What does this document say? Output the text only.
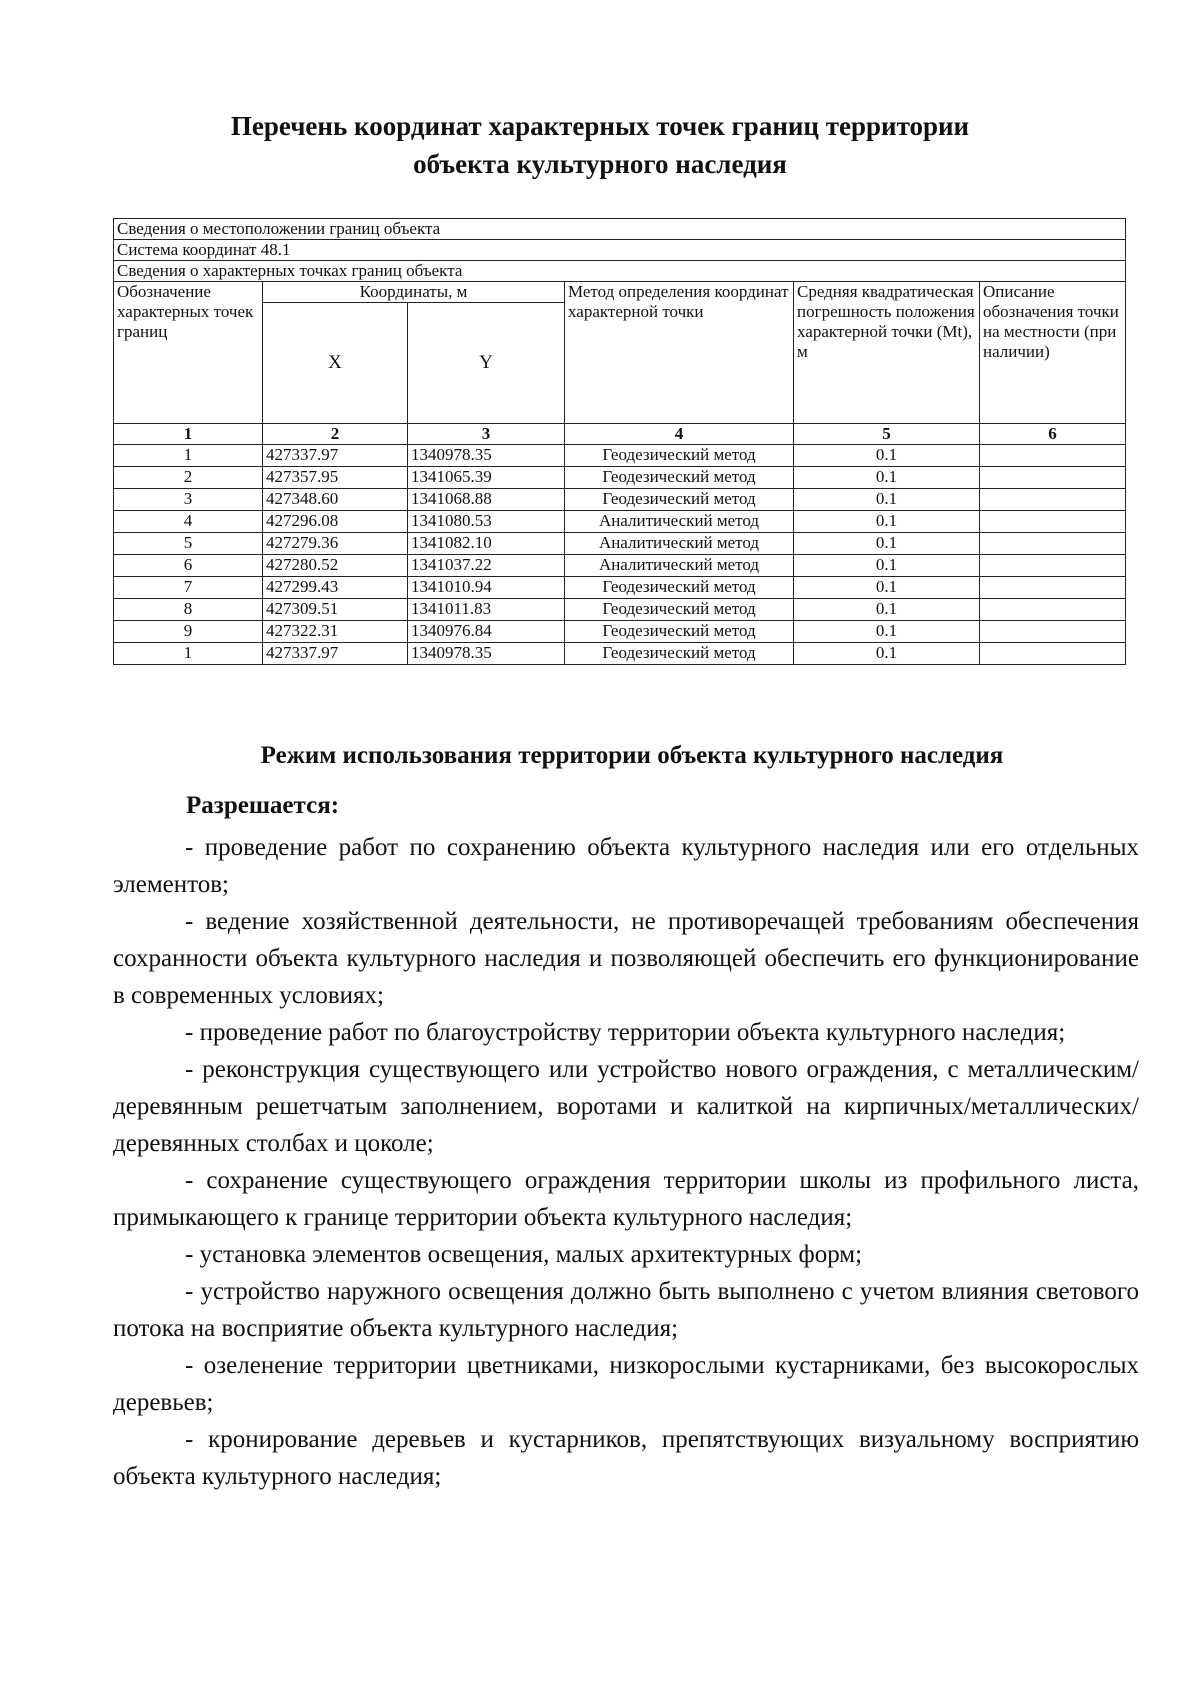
Перечень координат характерных точек границ территории
объекта культурного наследия
Сведения о местоположении границ объекта					
Система координат 48.1					
Сведения о характерных точках границ объекта					
Обозначение характерных точек границ	Координаты, м		Метод определения координат характерной точки	Средняя квадратическая погрешность положения характерной точки (Mt), м	Описание обозначения точки на местности (при наличии)
	X	Y			
1	2	3	4	5	6
1	427337.97	1340978.35	Геодезический метод	0.1	
2	427357.95	1341065.39	Геодезический метод	0.1	
3	427348.60	1341068.88	Геодезический метод	0.1	
4	427296.08	1341080.53	Аналитический метод	0.1	
5	427279.36	1341082.10	Аналитический метод	0.1	
6	427280.52	1341037.22	Аналитический метод	0.1	
7	427299.43	1341010.94	Геодезический метод	0.1	
8	427309.51	1341011.83	Геодезический метод	0.1	
9	427322.31	1340976.84	Геодезический метод	0.1	
1	427337.97	1340978.35	Геодезический метод	0.1	
Режим использования территории объекта культурного наследия
Разрешается:

- проведение работ по сохранению объекта культурного наследия или его отдельных элементов;

- ведение хозяйственной деятельности, не противоречащей требованиям обеспечения сохранности объекта культурного наследия и позволяющей обеспечить его функционирование в современных условиях;

- проведение работ по благоустройству территории объекта культурного наследия;

- реконструкция существующего или устройство нового ограждения, с металлическим/деревянным решетчатым заполнением, воротами и калиткой на кирпичных/металлических/деревянных столбах и цоколе;

- сохранение существующего ограждения территории школы из профильного листа, примыкающего к границе территории объекта культурного наследия;

- установка элементов освещения, малых архитектурных форм;

- устройство наружного освещения должно быть выполнено с учетом влияния светового потока на восприятие объекта культурного наследия;

- озеленение территории цветниками, низкорослыми кустарниками, без высокорослых деревьев;

- кронирование деревьев и кустарников, препятствующих визуальному восприятию объекта культурного наследия;
